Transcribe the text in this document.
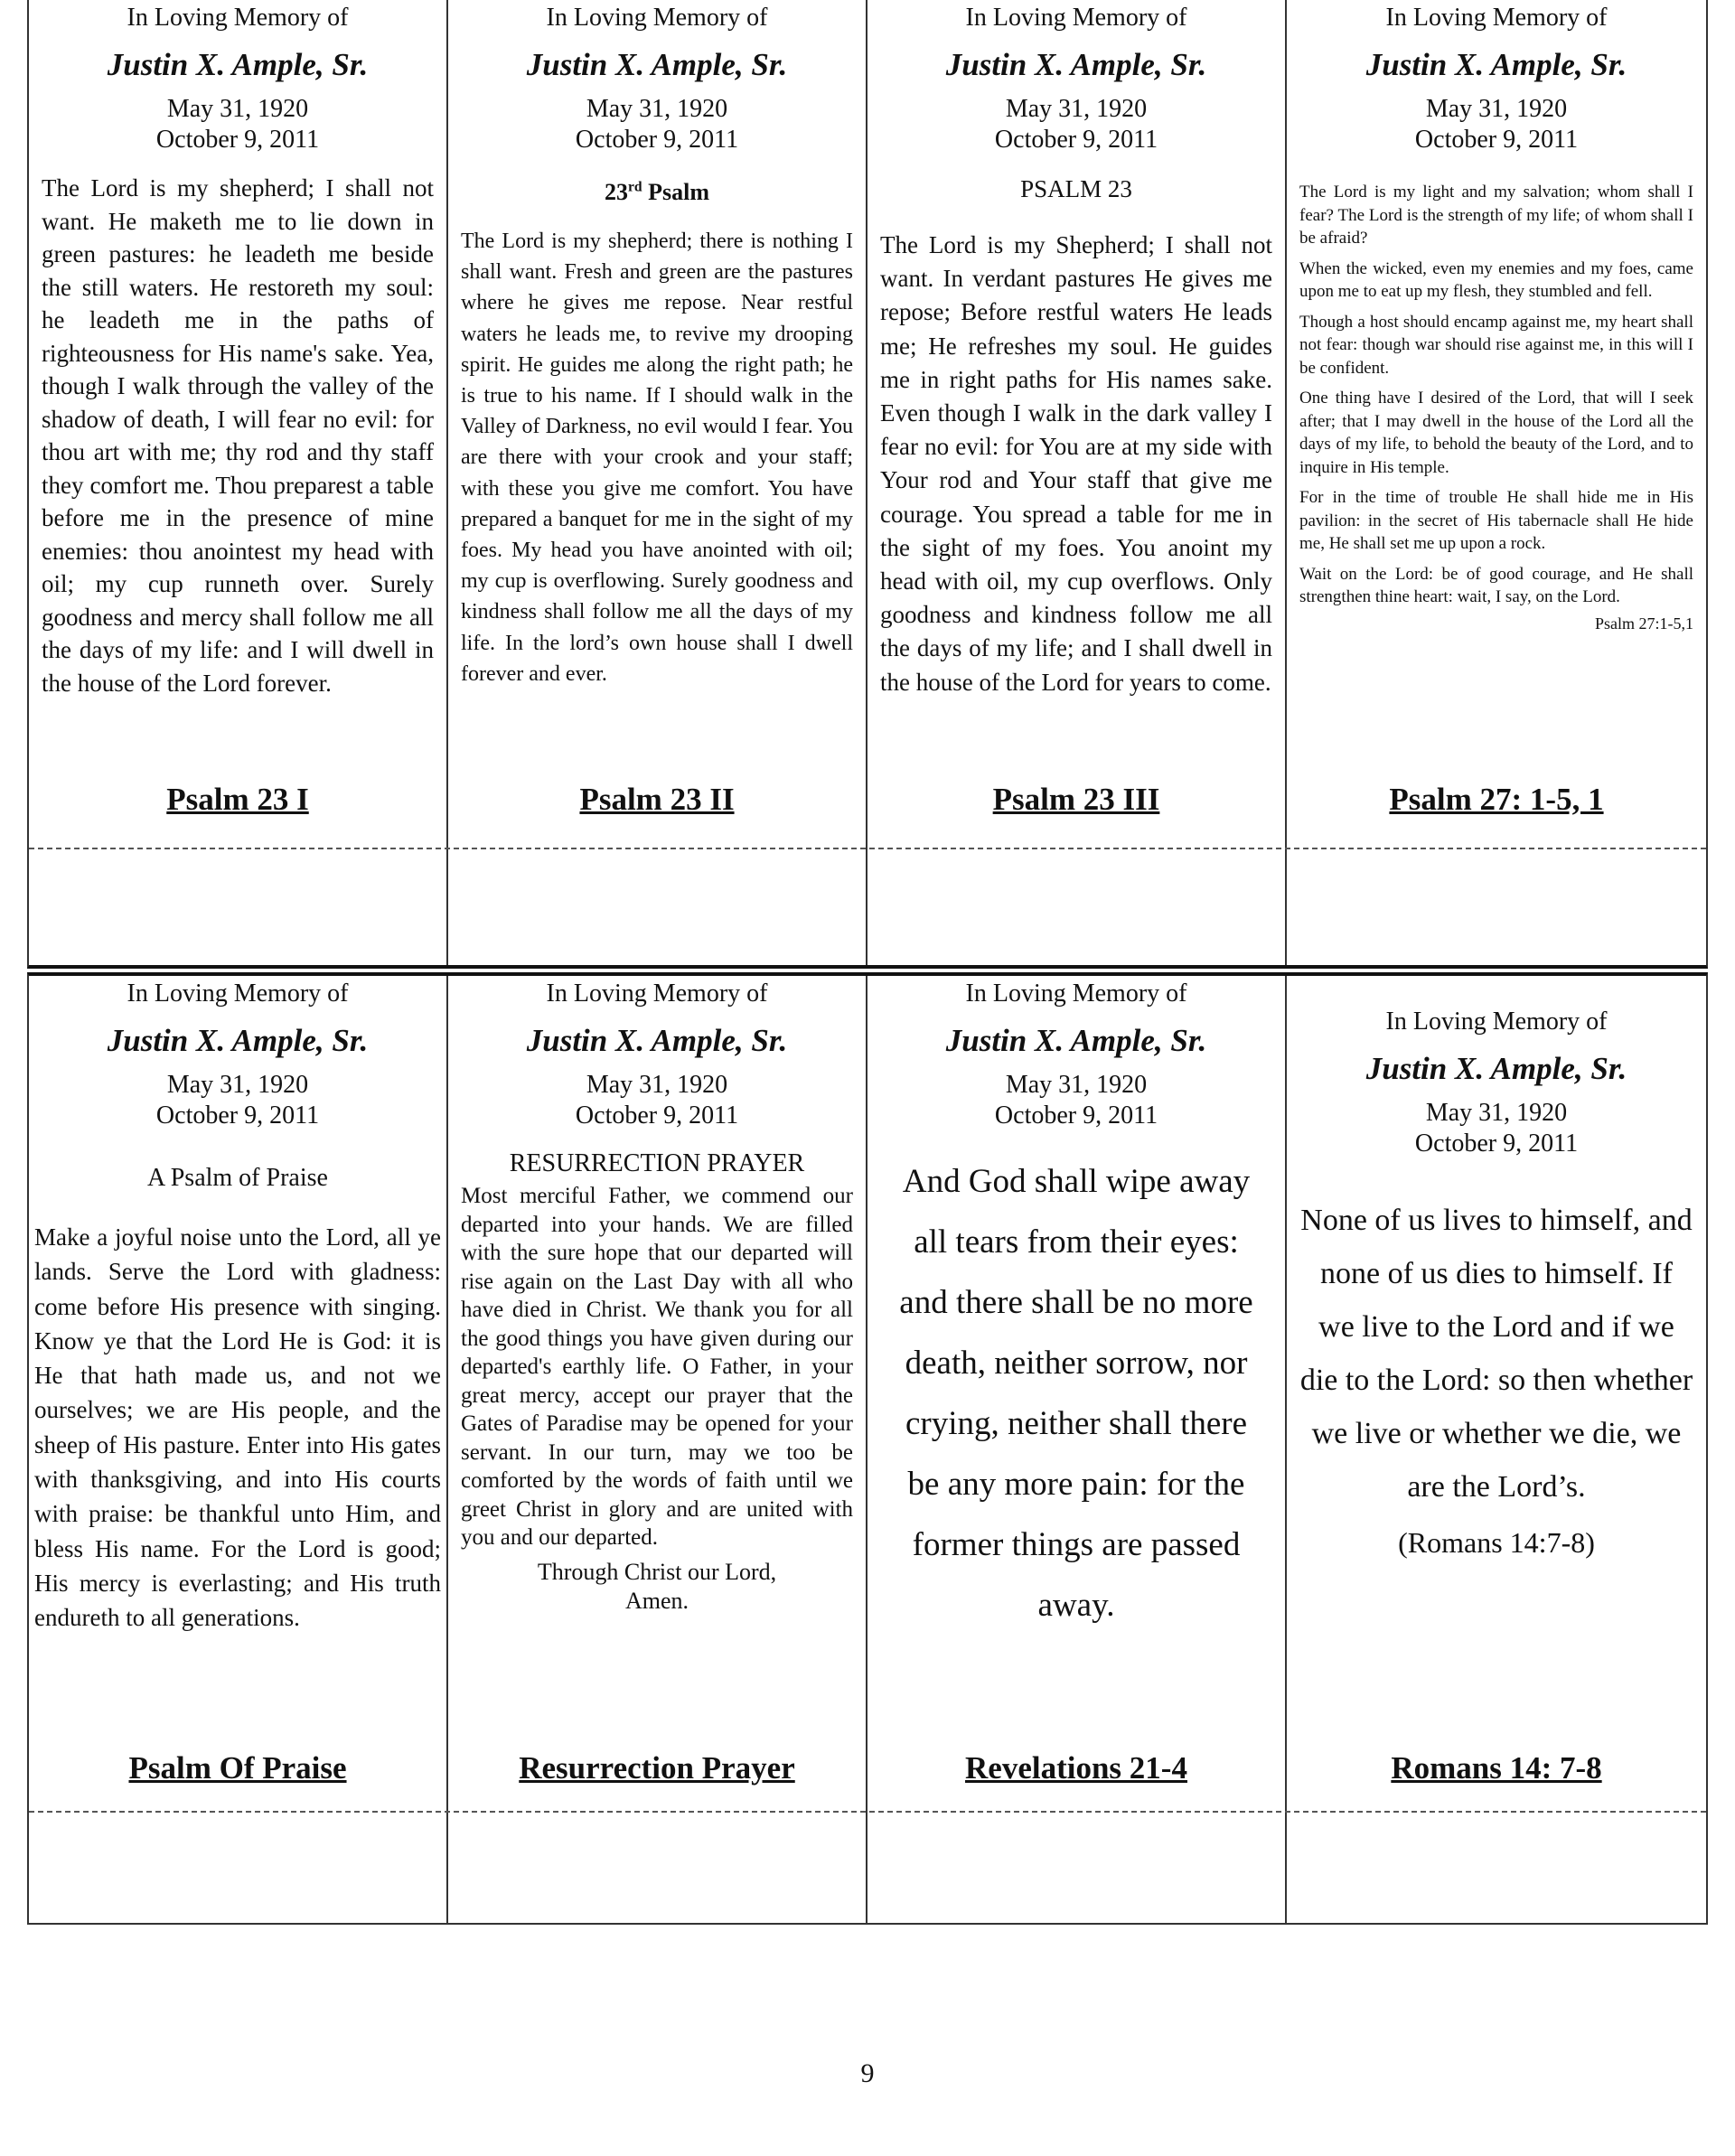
In Loving Memory of
Justin X. Ample, Sr.
May 31, 1920
October 9, 2011
The Lord is my shepherd; I shall not want. He maketh me to lie down in green pastures: he leadeth me beside the still waters. He restoreth my soul: he leadeth me in the paths of righteousness for His name's sake. Yea, though I walk through the valley of the shadow of death, I will fear no evil: for thou art with me; thy rod and thy staff they comfort me. Thou preparest a table before me in the presence of mine enemies: thou anointest my head with oil; my cup runneth over. Surely goodness and mercy shall follow me all the days of my life: and I will dwell in the house of the Lord forever.
Psalm 23 I
In Loving Memory of
Justin X. Ample, Sr.
May 31, 1920
October 9, 2011
23rd Psalm
The Lord is my shepherd; there is nothing I shall want. Fresh and green are the pastures where he gives me repose. Near restful waters he leads me, to revive my drooping spirit. He guides me along the right path; he is true to his name. If I should walk in the Valley of Darkness, no evil would I fear. You are there with your crook and your staff; with these you give me comfort. You have prepared a banquet for me in the sight of my foes. My head you have anointed with oil; my cup is overflowing. Surely goodness and kindness shall follow me all the days of my life. In the lord’s own house shall I dwell forever and ever.
Psalm 23 II
In Loving Memory of
Justin X. Ample, Sr.
May 31, 1920
October 9, 2011
PSALM 23
The Lord is my Shepherd; I shall not want. In verdant pastures He gives me repose; Before restful waters He leads me; He refreshes my soul. He guides me in right paths for His names sake. Even though I walk in the dark valley I fear no evil: for You are at my side with Your rod and Your staff that give me courage. You spread a table for me in the sight of my foes. You anoint my head with oil, my cup overflows. Only goodness and kindness follow me all the days of my life; and I shall dwell in the house of the Lord for years to come.
Psalm 23 III
In Loving Memory of
Justin X. Ample, Sr.
May 31, 1920
October 9, 2011

The Lord is my light and my salvation; whom shall I fear? The Lord is the strength of my life; of whom shall I be afraid?

When the wicked, even my enemies and my foes, came upon me to eat up my flesh, they stumbled and fell.

Though a host should encamp against me, my heart shall not fear: though war should rise against me, in this will I be confident.

One thing have I desired of the Lord, that will I seek after; that I may dwell in the house of the Lord all the days of my life, to behold the beauty of the Lord, and to inquire in His temple.

For in the time of trouble He shall hide me in His pavilion: in the secret of His tabernacle shall He hide me, He shall set me up upon a rock.

Wait on the Lord: be of good courage, and He shall strengthen thine heart: wait, I say, on the Lord.

Psalm 27:1-5,1
Psalm 27: 1-5, 1
In Loving Memory of
Justin X. Ample, Sr.
May 31, 1920
October 9, 2011
A Psalm of Praise
Make a joyful noise unto the Lord, all ye lands. Serve the Lord with gladness: come before His presence with singing. Know ye that the Lord He is God: it is He that hath made us, and not we ourselves; we are His people, and the sheep of His pasture. Enter into His gates with thanksgiving, and into His courts with praise: be thankful unto Him, and bless His name. For the Lord is good; His mercy is everlasting; and His truth endureth to all generations.
Psalm Of Praise
In Loving Memory of
Justin X. Ample, Sr.
May 31, 1920
October 9, 2011
RESURRECTION PRAYER
Most merciful Father, we commend our departed into your hands. We are filled with the sure hope that our departed will rise again on the Last Day with all who have died in Christ. We thank you for all the good things you have given during our departed's earthly life. O Father, in your great mercy, accept our prayer that the Gates of Paradise may be opened for your servant. In our turn, may we too be comforted by the words of faith until we greet Christ in glory and are united with you and our departed.
Through Christ our Lord,
Amen.
Resurrection Prayer
In Loving Memory of
Justin X. Ample, Sr.
May 31, 1920
October 9, 2011
And God shall wipe away all tears from their eyes: and there shall be no more death, neither sorrow, nor crying, neither shall there be any more pain: for the former things are passed away.
Revelations 21-4
In Loving Memory of
Justin X. Ample, Sr.
May 31, 1920
October 9, 2011
None of us lives to himself, and none of us dies to himself. If we live to the Lord and if we die to the Lord: so then whether we live or whether we die, we are the Lord’s.
(Romans 14:7-8)
Romans 14: 7-8
9
